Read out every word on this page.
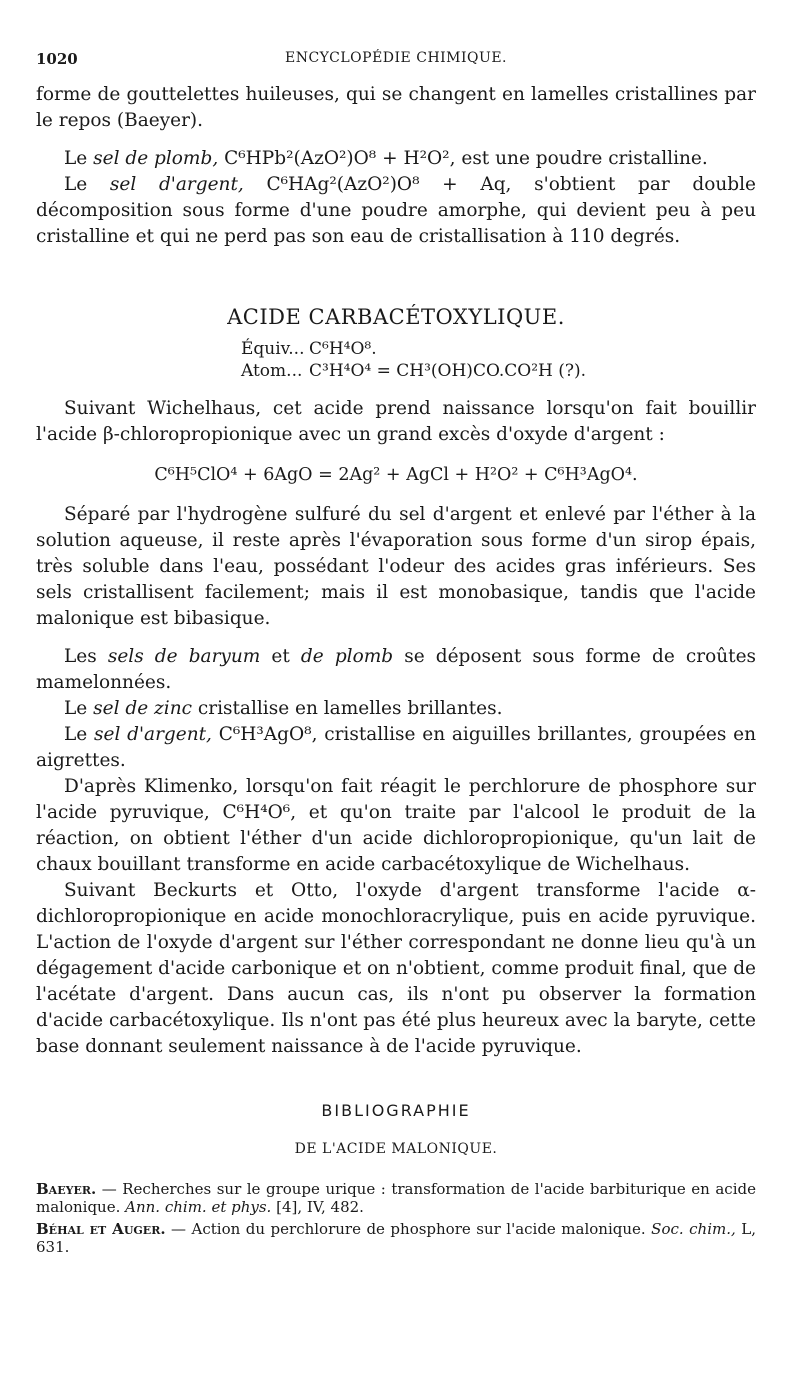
1020	ENCYCLOPÉDIE CHIMIQUE.

forme de gouttelettes huileuses, qui se changent en lamelles cristallines par le repos (Baeyer).

Le sel de plomb, C⁶HPb²(AzO²)O⁸ + H²O², est une poudre cristalline.

Le sel d'argent, C⁶HAg²(AzO²)O⁸ + Aq, s'obtient par double décomposition sous forme d'une poudre amorphe, qui devient peu à peu cristalline et qui ne perd pas son eau de cristallisation à 110 degrés.

ACIDE CARBACÉTOXYLIQUE.
Équiv... C⁶H⁴O⁸.
Atom... C³H⁴O⁴ = CH³(OH)CO.CO²H (?).

Suivant Wichelhaus, cet acide prend naissance lorsqu'on fait bouillir l'acide β-chloropropionique avec un grand excès d'oxyde d'argent :

C⁶H⁵ClO⁴ + 6AgO = 2Ag² + AgCl + H²O² + C⁶H³AgO⁴.

Séparé par l'hydrogène sulfuré du sel d'argent et enlevé par l'éther à la solution aqueuse, il reste après l'évaporation sous forme d'un sirop épais, très soluble dans l'eau, possédant l'odeur des acides gras inférieurs. Ses sels cristallisent facilement; mais il est monobasique, tandis que l'acide malonique est bibasique.

Les sels de baryum et de plomb se déposent sous forme de croûtes mamelonnées.

Le sel de zinc cristallise en lamelles brillantes.

Le sel d'argent, C⁶H³AgO⁸, cristallise en aiguilles brillantes, groupées en aigrettes.

D'après Klimenko, lorsqu'on fait réagit le perchlorure de phosphore sur l'acide pyruvique, C⁶H⁴O⁶, et qu'on traite par l'alcool le produit de la réaction, on obtient l'éther d'un acide dichloropropionique, qu'un lait de chaux bouillant transforme en acide carbacétoxylique de Wichelhaus.

Suivant Beckurts et Otto, l'oxyde d'argent transforme l'acide α-dichloropropionique en acide monochloracrylique, puis en acide pyruvique. L'action de l'oxyde d'argent sur l'éther correspondant ne donne lieu qu'à un dégagement d'acide carbonique et on n'obtient, comme produit final, que de l'acétate d'argent. Dans aucun cas, ils n'ont pu observer la formation d'acide carbacétoxylique. Ils n'ont pas été plus heureux avec la baryte, cette base donnant seulement naissance à de l'acide pyruvique.

BIBLIOGRAPHIE
DE L'ACIDE MALONIQUE.

Baeyer. — Recherches sur le groupe urique : transformation de l'acide barbiturique en acide malonique. Ann. chim. et phys. [4], IV, 482.

Béhal et Auger. — Action du perchlorure de phosphore sur l'acide malonique. Soc. chim., L, 631.
